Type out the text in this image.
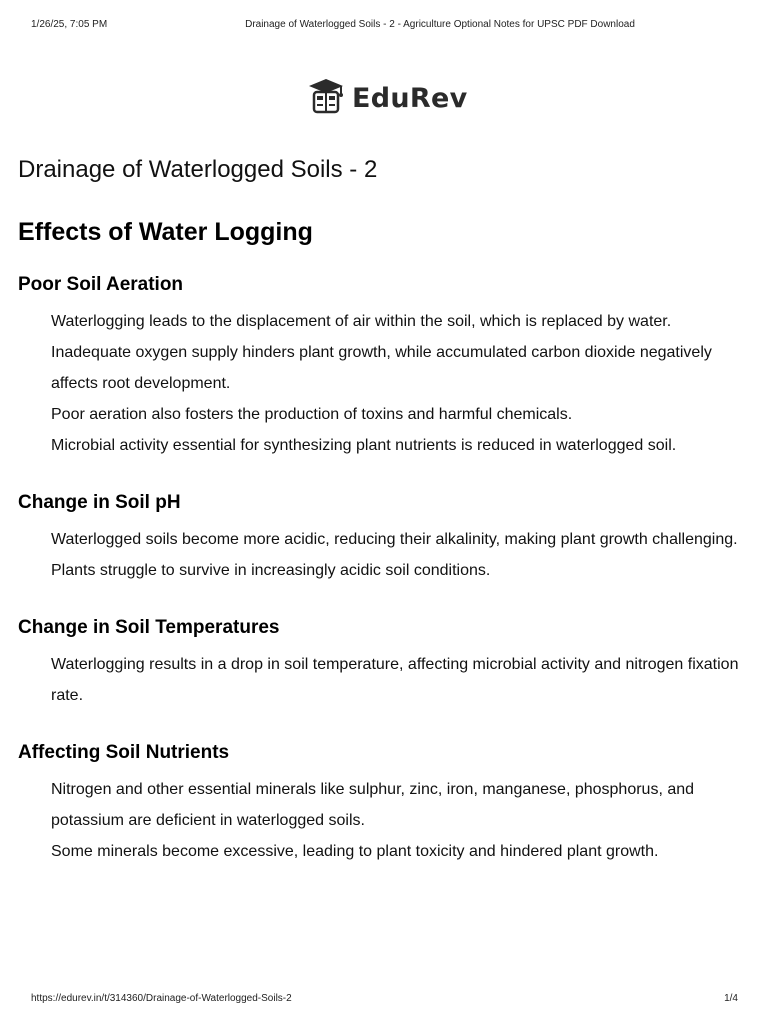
1/26/25, 7:05 PM	Drainage of Waterlogged Soils - 2 - Agriculture Optional Notes for UPSC PDF Download
EduRev
Drainage of Waterlogged Soils - 2
Effects of Water Logging
Poor Soil Aeration
Waterlogging leads to the displacement of air within the soil, which is replaced by water.
Inadequate oxygen supply hinders plant growth, while accumulated carbon dioxide negatively affects root development.
Poor aeration also fosters the production of toxins and harmful chemicals.
Microbial activity essential for synthesizing plant nutrients is reduced in waterlogged soil.
Change in Soil pH
Waterlogged soils become more acidic, reducing their alkalinity, making plant growth challenging.
Plants struggle to survive in increasingly acidic soil conditions.
Change in Soil Temperatures
Waterlogging results in a drop in soil temperature, affecting microbial activity and nitrogen fixation rate.
Affecting Soil Nutrients
Nitrogen and other essential minerals like sulphur, zinc, iron, manganese, phosphorus, and potassium are deficient in waterlogged soils.
Some minerals become excessive, leading to plant toxicity and hindered plant growth.
https://edurev.in/t/314360/Drainage-of-Waterlogged-Soils-2	1/4
